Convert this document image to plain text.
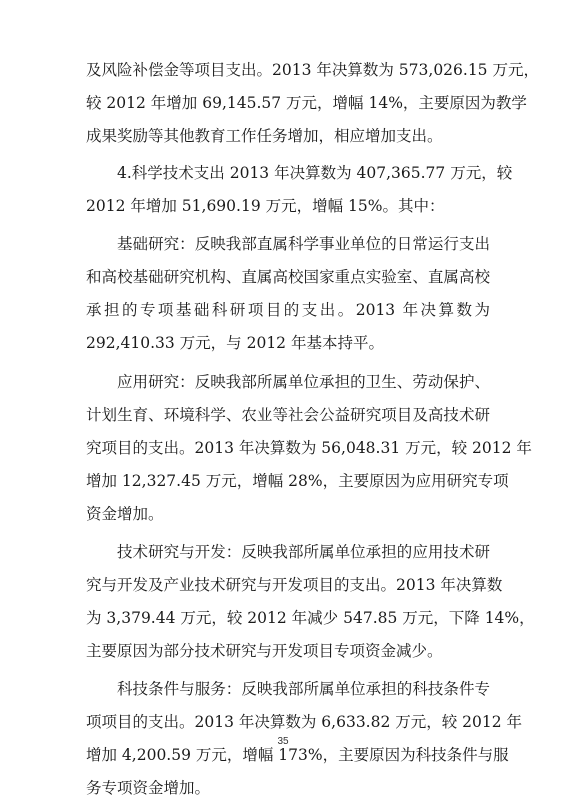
及风险补偿金等项目支出。2013 年决算数为 573,026.15 万元，
较 2012 年增加 69,145.57 万元，增幅 14%，主要原因为教学
成果奖励等其他教育工作任务增加，相应增加支出。
4.科学技术支出 2013 年决算数为 407,365.77 万元，较
2012 年增加 51,690.19 万元，增幅 15%。其中：
基础研究：反映我部直属科学事业单位的日常运行支出
和高校基础研究机构、直属高校国家重点实验室、直属高校
承担的专项基础科研项目的支出。2013 年决算数为
292,410.33 万元，与 2012 年基本持平。
应用研究：反映我部所属单位承担的卫生、劳动保护、
计划生育、环境科学、农业等社会公益研究项目及高技术研
究项目的支出。2013 年决算数为 56,048.31 万元，较 2012 年
增加 12,327.45 万元，增幅 28%，主要原因为应用研究专项
资金增加。
技术研究与开发：反映我部所属单位承担的应用技术研
究与开发及产业技术研究与开发项目的支出。2013 年决算数
为 3,379.44 万元，较 2012 年减少 547.85 万元，下降 14%，
主要原因为部分技术研究与开发项目专项资金减少。
科技条件与服务：反映我部所属单位承担的科技条件专
项项目的支出。2013 年决算数为 6,633.82 万元，较 2012 年
增加 4,200.59 万元，增幅 173%，主要原因为科技条件与服
务专项资金增加。
35
